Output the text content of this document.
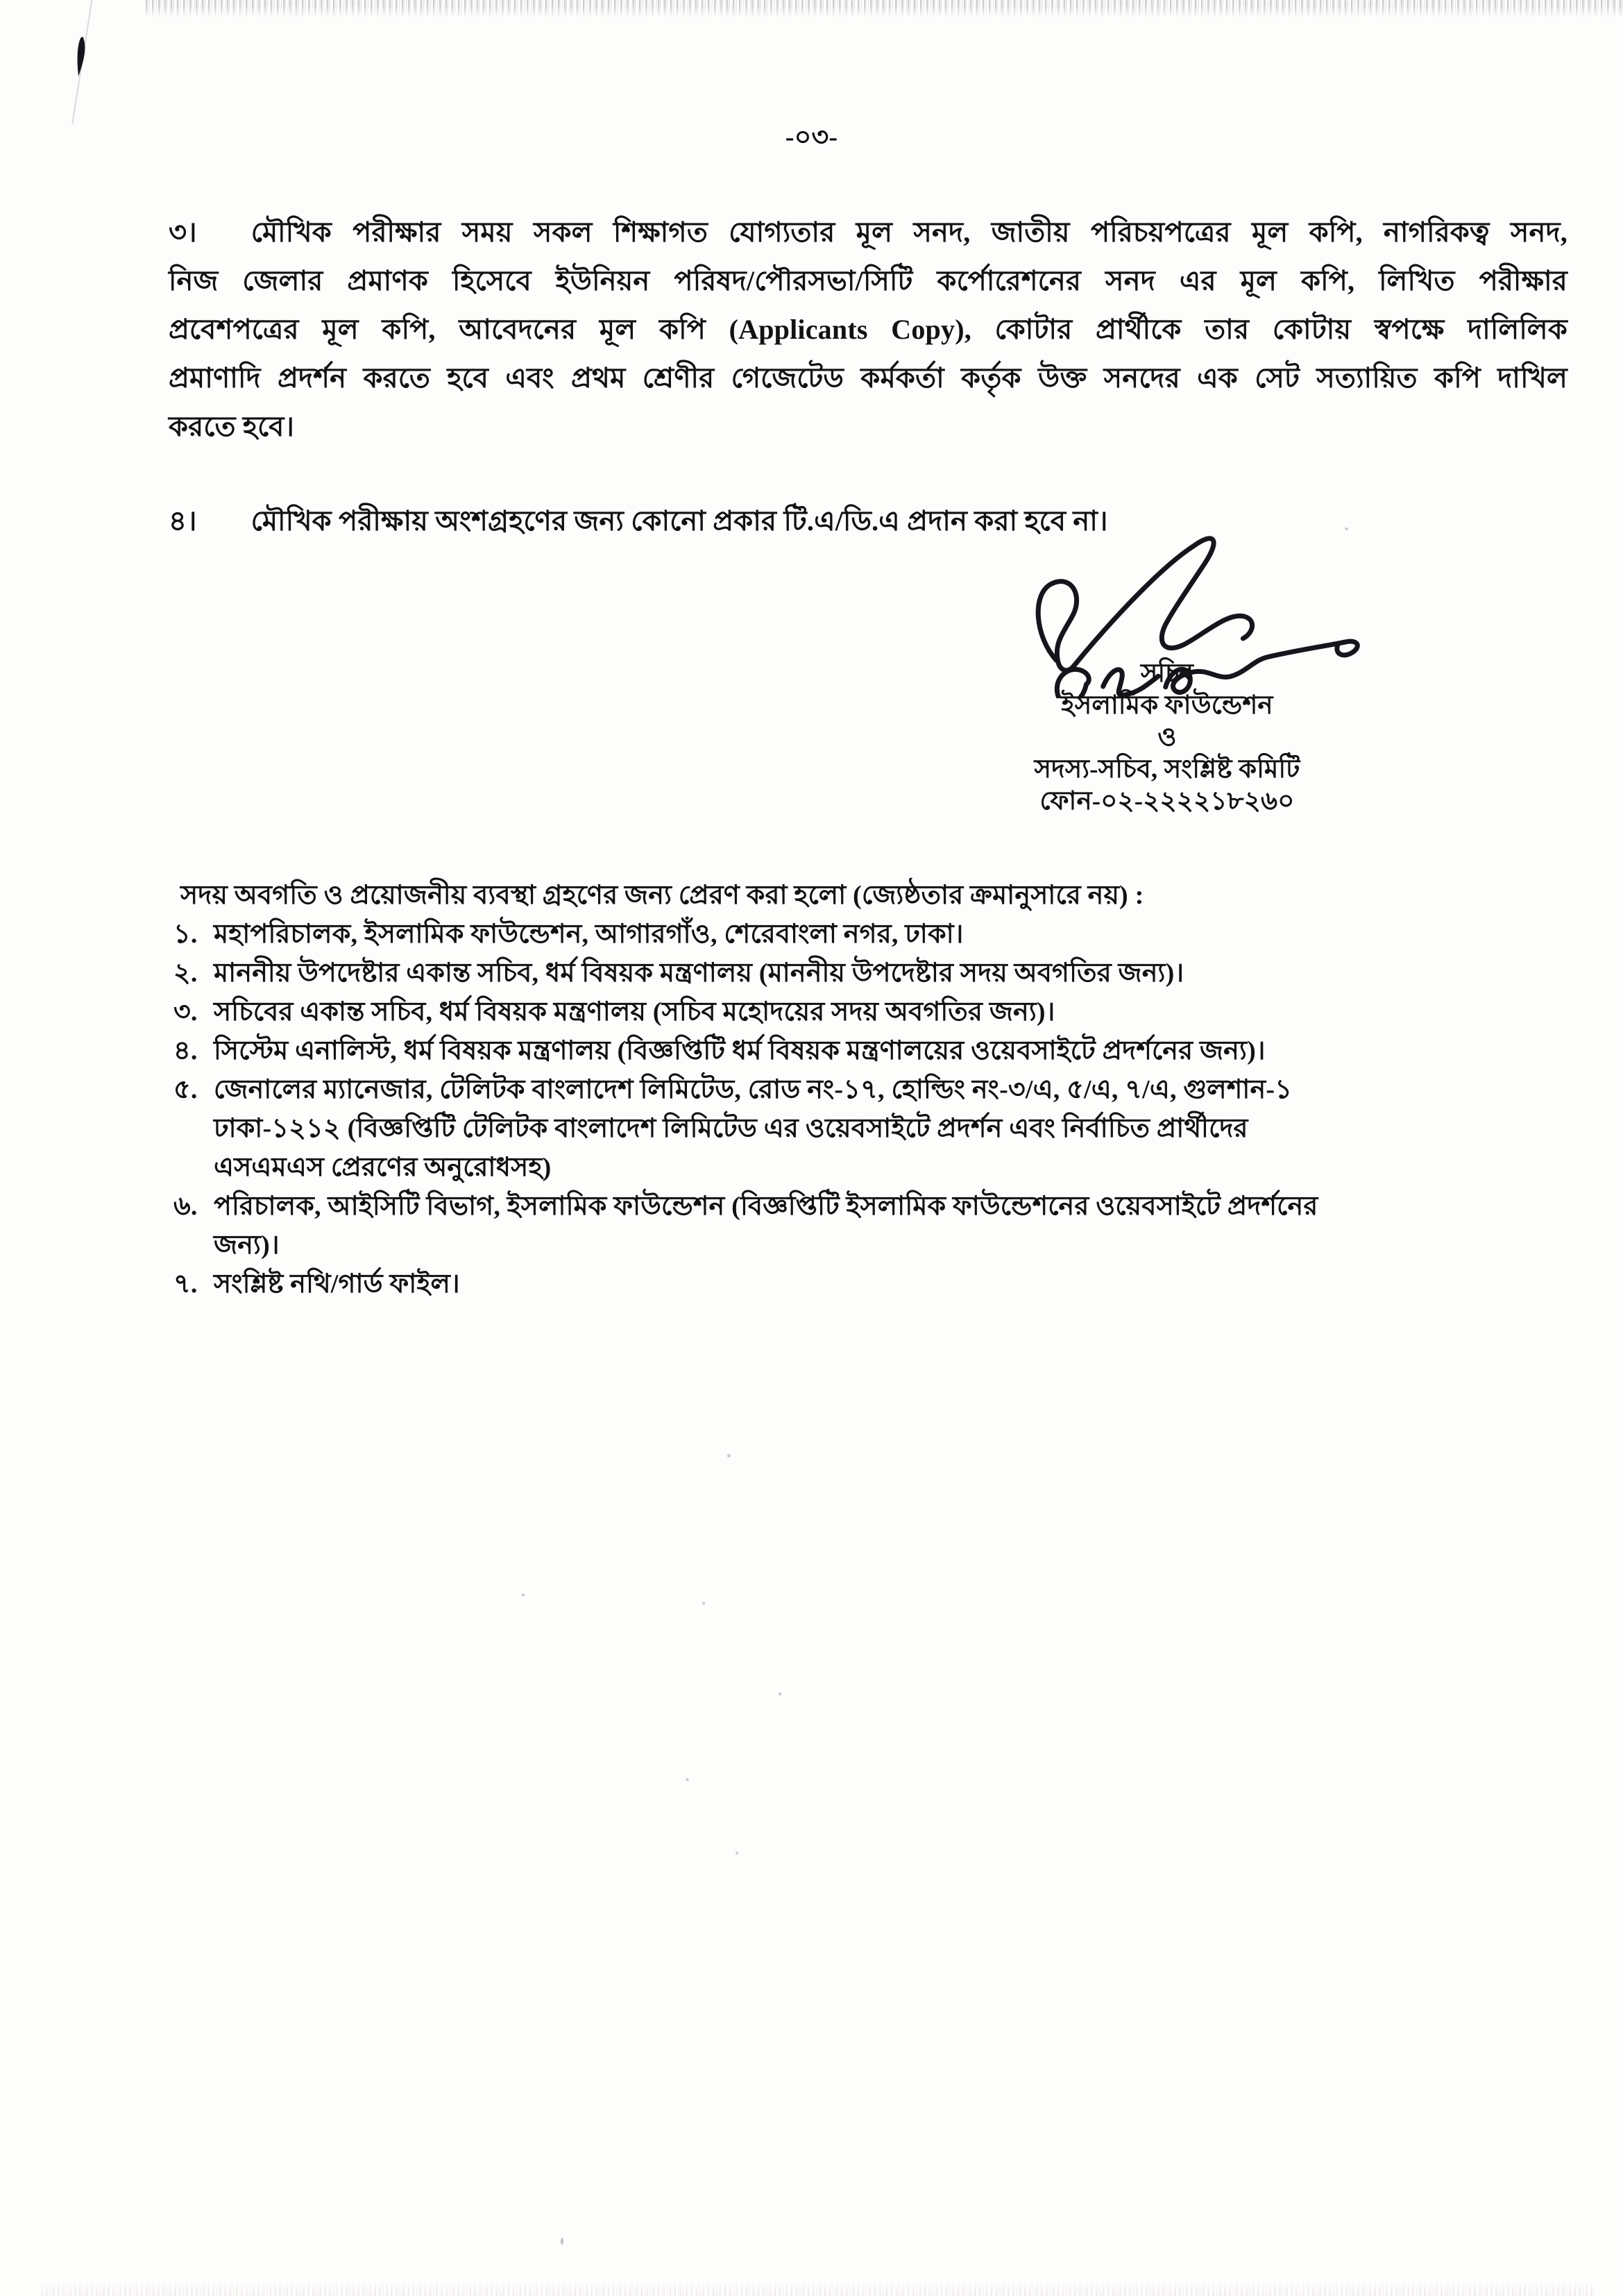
-০৩-
৩। মৌখিক পরীক্ষার সময় সকল শিক্ষাগত যোগ্যতার মূল সনদ, জাতীয় পরিচয়পত্রের মূল কপি, নাগরিকত্ব সনদ,
নিজ জেলার প্রমাণক হিসেবে ইউনিয়ন পরিষদ/পৌরসভা/সিটি কর্পোরেশনের সনদ এর মূল কপি, লিখিত পরীক্ষার
প্রবেশপত্রের মূল কপি, আবেদনের মূল কপি (Applicants Copy), কোটার প্রার্থীকে তার কোটায় স্বপক্ষে দালিলিক
প্রমাণাদি প্রদর্শন করতে হবে এবং প্রথম শ্রেণীর গেজেটেড কর্মকর্তা কর্তৃক উক্ত সনদের এক সেট সত্যায়িত কপি দাখিল
করতে হবে।
৪। মৌখিক পরীক্ষায় অংশগ্রহণের জন্য কোনো প্রকার টি.এ/ডি.এ প্রদান করা হবে না।
সচিব
ইসলামিক ফাউন্ডেশন
ও
সদস্য-সচিব, সংশ্লিষ্ট কমিটি
ফোন-০২-২২২২১৮২৬০
সদয় অবগতি ও প্রয়োজনীয় ব্যবস্থা গ্রহণের জন্য প্রেরণ করা হলো (জ্যেষ্ঠতার ক্রমানুসারে নয়) :
১. মহাপরিচালক, ইসলামিক ফাউন্ডেশন, আগারগাঁও, শেরেবাংলা নগর, ঢাকা।
২. মাননীয় উপদেষ্টার একান্ত সচিব, ধর্ম বিষয়ক মন্ত্রণালয় (মাননীয় উপদেষ্টার সদয় অবগতির জন্য)।
৩. সচিবের একান্ত সচিব, ধর্ম বিষয়ক মন্ত্রণালয় (সচিব মহোদয়ের সদয় অবগতির জন্য)।
৪. সিস্টেম এনালিস্ট, ধর্ম বিষয়ক মন্ত্রণালয় (বিজ্ঞপ্তিটি ধর্ম বিষয়ক মন্ত্রণালয়ের ওয়েবসাইটে প্রদর্শনের জন্য)।
৫. জেনালের ম্যানেজার, টেলিটক বাংলাদেশ লিমিটেড, রোড নং-১৭, হোল্ডিং নং-৩/এ, ৫/এ, ৭/এ, গুলশান-১
ঢাকা-১২১২ (বিজ্ঞপ্তিটি টেলিটক বাংলাদেশ লিমিটেড এর ওয়েবসাইটে প্রদর্শন এবং নির্বাচিত প্রার্থীদের
এসএমএস প্রেরণের অনুরোধসহ)
৬. পরিচালক, আইসিটি বিভাগ, ইসলামিক ফাউন্ডেশন (বিজ্ঞপ্তিটি ইসলামিক ফাউন্ডেশনের ওয়েবসাইটে প্রদর্শনের
জন্য)।
৭. সংশ্লিষ্ট নথি/গার্ড ফাইল।
